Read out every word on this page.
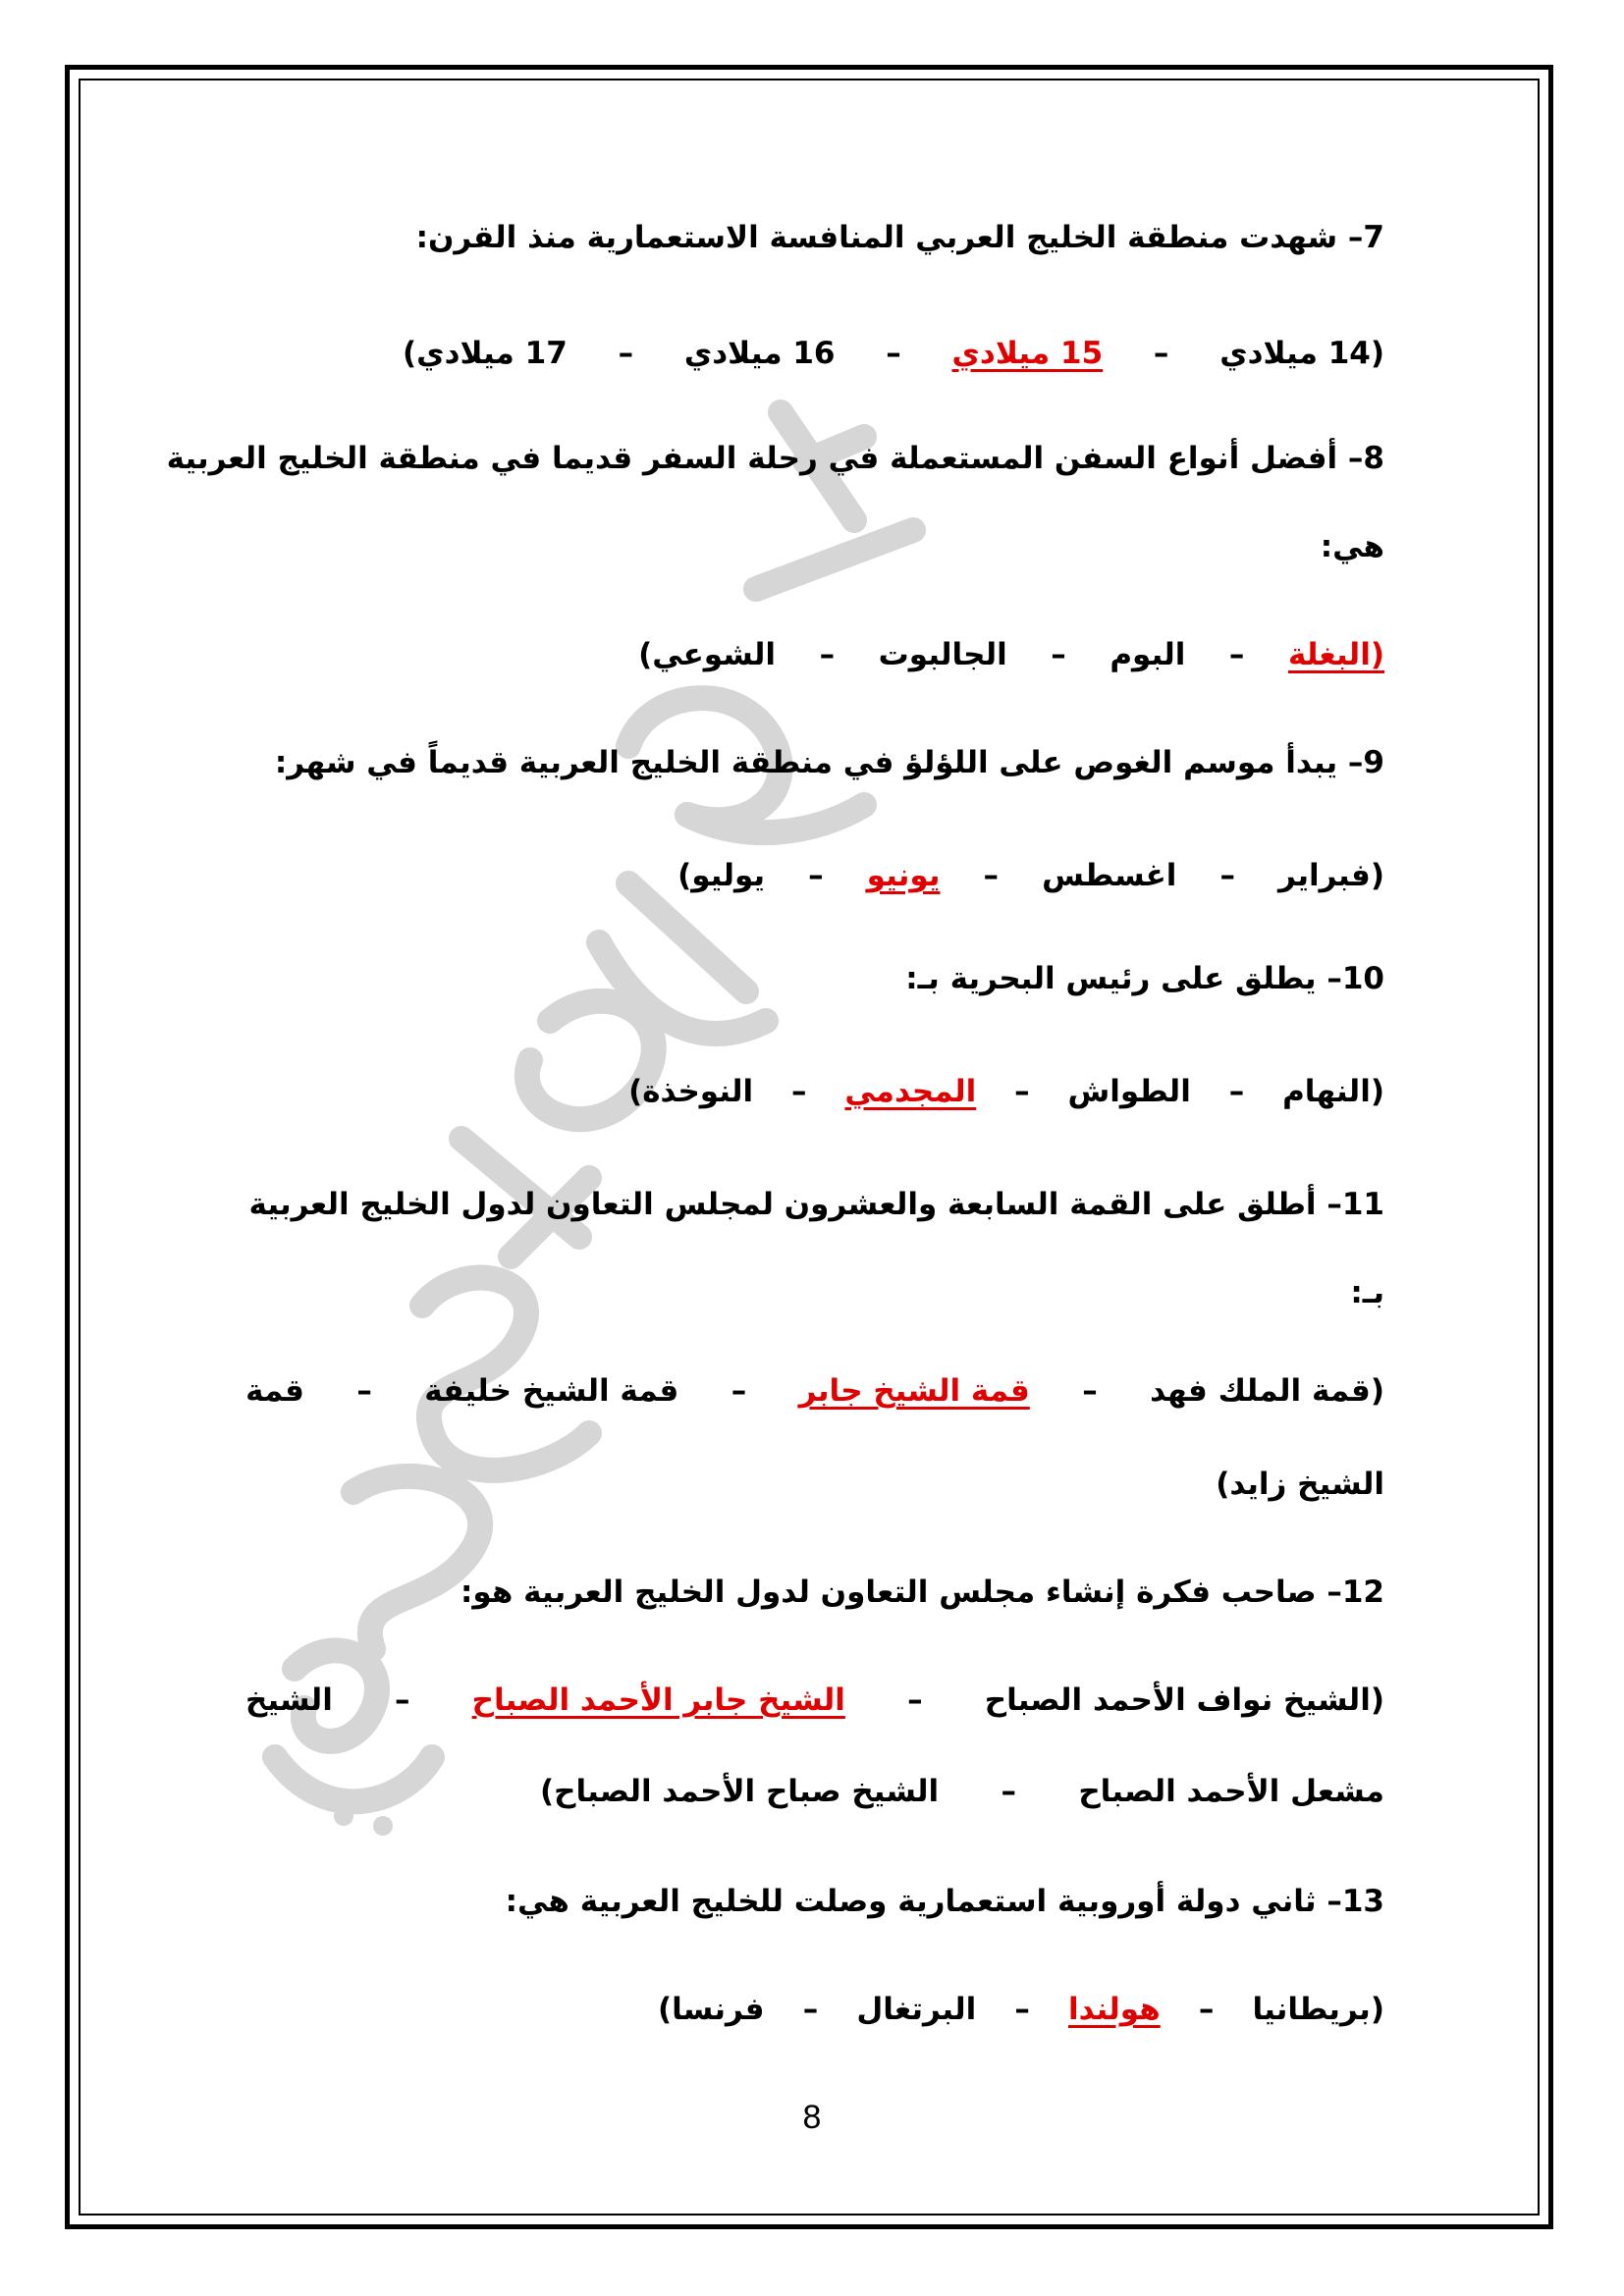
7– شهدت منطقة الخليج العربي المنافسة الاستعمارية منذ القرن:
(14 ميلادي
–
15 ميلادي
–
16 ميلادي
–
17 ميلادي)
8– أفضل أنواع السفن المستعملة في رحلة السفر قديما في منطقة الخليج العربية
هي:
(البغلة
–
البوم
–
الجالبوت
–
الشوعي)
9– يبدأ موسم الغوص على اللؤلؤ في منطقة الخليج العربية قديماً في شهر:
(فبراير
–
اغسطس
–
يونيو
–
يوليو)
10– يطلق على رئيس البحرية بـ:
(النهام
–
الطواش
–
المجدمي
–
النوخذة)
11– أطلق على القمة السابعة والعشرون لمجلس التعاون لدول الخليج العربية
بـ:
(قمة الملك فهد
–
قمة الشيخ جابر
–
قمة الشيخ خليفة
–
قمة
الشيخ زايد)
12– صاحب فكرة إنشاء مجلس التعاون لدول الخليج العربية هو:
(الشيخ نواف الأحمد الصباح
–
الشيخ جابر الأحمد الصباح
–
الشيخ
مشعل الأحمد الصباح
–
الشيخ صباح الأحمد الصباح)
13– ثاني دولة أوروبية استعمارية وصلت للخليج العربية هي:
(بريطانيا
–
هولندا
–
البرتغال
–
فرنسا)
8
